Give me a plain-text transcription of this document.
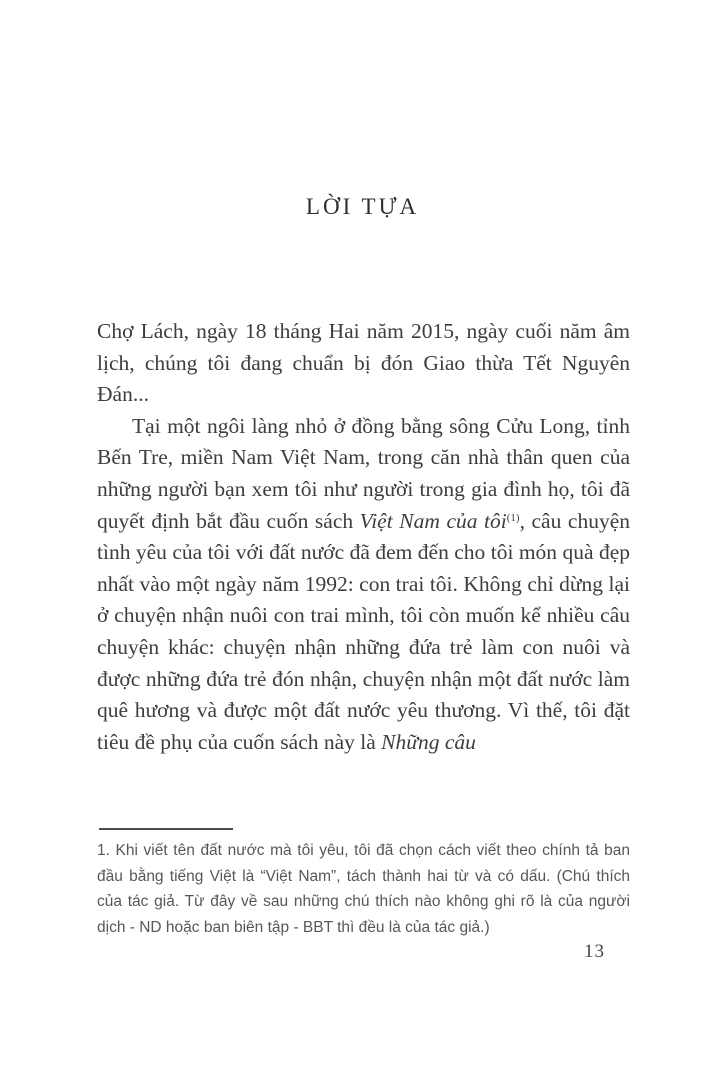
LỜI TỰA

Chợ Lách, ngày 18 tháng Hai năm 2015, ngày cuối năm âm lịch, chúng tôi đang chuẩn bị đón Giao thừa Tết Nguyên Đán...

Tại một ngôi làng nhỏ ở đồng bằng sông Cửu Long, tỉnh Bến Tre, miền Nam Việt Nam, trong căn nhà thân quen của những người bạn xem tôi như người trong gia đình họ, tôi đã quyết định bắt đầu cuốn sách Việt Nam của tôi$^{(1)}$, câu chuyện tình yêu của tôi với đất nước đã đem đến cho tôi món quà đẹp nhất vào một ngày năm 1992: con trai tôi. Không chỉ dừng lại ở chuyện nhận nuôi con trai mình, tôi còn muốn kể nhiều câu chuyện khác: chuyện nhận những đứa trẻ làm con nuôi và được những đứa trẻ đón nhận, chuyện nhận một đất nước làm quê hương và được một đất nước yêu thương. Vì thế, tôi đặt tiêu đề phụ của cuốn sách này là Những câu

1. Khi viết tên đất nước mà tôi yêu, tôi đã chọn cách viết theo chính tả ban đầu bằng tiếng Việt là “Việt Nam”, tách thành hai từ và có dấu. (Chú thích của tác giả. Từ đây về sau những chú thích nào không ghi rõ là của người dịch - ND hoặc ban biên tập - BBT thì đều là của tác giả.)

13
